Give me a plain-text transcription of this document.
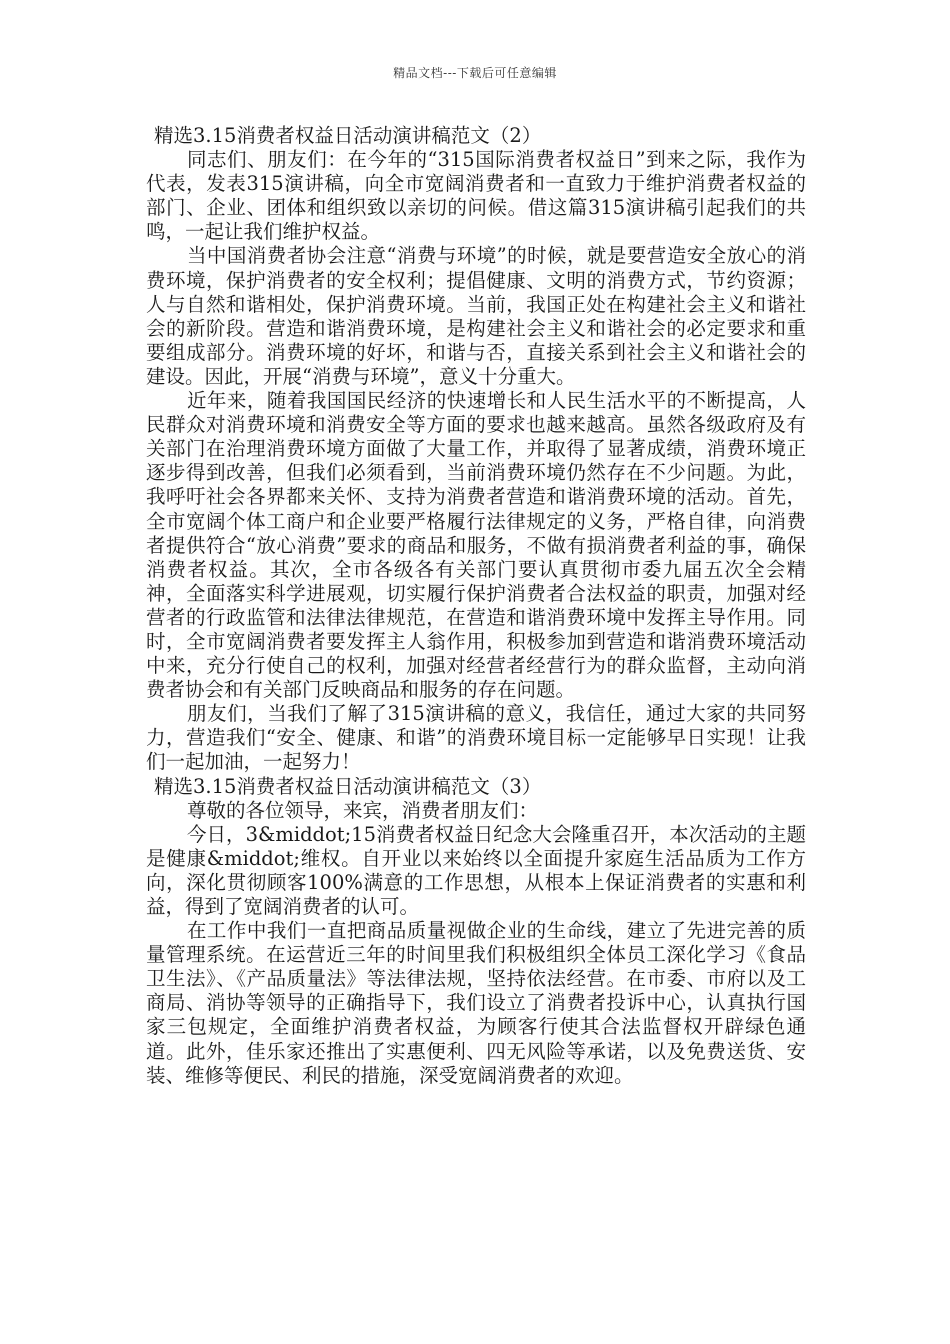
精品文档---下载后可任意编辑

精选3.15消费者权益日活动演讲稿范文（2）

同志们、朋友们：在今年的“315国际消费者权益日”到来之际，我作为代表，发表315演讲稿，向全市宽阔消费者和一直致力于维护消费者权益的部门、企业、团体和组织致以亲切的问候。借这篇315演讲稿引起我们的共鸣，一起让我们维护权益。

当中国消费者协会注意“消费与环境”的时候，就是要营造安全放心的消费环境，保护消费者的安全权利；提倡健康、文明的消费方式，节约资源；人与自然和谐相处，保护消费环境。当前，我国正处在构建社会主义和谐社会的新阶段。营造和谐消费环境，是构建社会主义和谐社会的必定要求和重要组成部分。消费环境的好坏，和谐与否，直接关系到社会主义和谐社会的建设。因此，开展“消费与环境”，意义十分重大。

近年来，随着我国国民经济的快速增长和人民生活水平的不断提高，人民群众对消费环境和消费安全等方面的要求也越来越高。虽然各级政府及有关部门在治理消费环境方面做了大量工作，并取得了显著成绩，消费环境正逐步得到改善，但我们必须看到，当前消费环境仍然存在不少问题。为此，我呼吁社会各界都来关怀、支持为消费者营造和谐消费环境的活动。首先，全市宽阔个体工商户和企业要严格履行法律规定的义务，严格自律，向消费者提供符合“放心消费”要求的商品和服务，不做有损消费者利益的事，确保消费者权益。其次，全市各级各有关部门要认真贯彻市委九届五次全会精神，全面落实科学进展观，切实履行保护消费者合法权益的职责，加强对经营者的行政监管和法律法律规范，在营造和谐消费环境中发挥主导作用。同时，全市宽阔消费者要发挥主人翁作用，积极参加到营造和谐消费环境活动中来，充分行使自己的权利，加强对经营者经营行为的群众监督，主动向消费者协会和有关部门反映商品和服务的存在问题。

朋友们，当我们了解了315演讲稿的意义，我信任，通过大家的共同努力，营造我们“安全、健康、和谐”的消费环境目标一定能够早日实现！让我们一起加油，一起努力！

精选3.15消费者权益日活动演讲稿范文（3）

尊敬的各位领导，来宾，消费者朋友们：

今日，3&middot;15消费者权益日纪念大会隆重召开，本次活动的主题是健康&middot;维权。自开业以来始终以全面提升家庭生活品质为工作方向，深化贯彻顾客100%满意的工作思想，从根本上保证消费者的实惠和利益，得到了宽阔消费者的认可。

在工作中我们一直把商品质量视做企业的生命线，建立了先进完善的质量管理系统。在运营近三年的时间里我们积极组织全体员工深化学习《食品卫生法》、《产品质量法》等法律法规，坚持依法经营。在市委、市府以及工商局、消协等领导的正确指导下，我们设立了消费者投诉中心，认真执行国家三包规定，全面维护消费者权益，为顾客行使其合法监督权开辟绿色通道。此外，佳乐家还推出了实惠便利、四无风险等承诺，以及免费送货、安装、维修等便民、利民的措施，深受宽阔消费者的欢迎。
